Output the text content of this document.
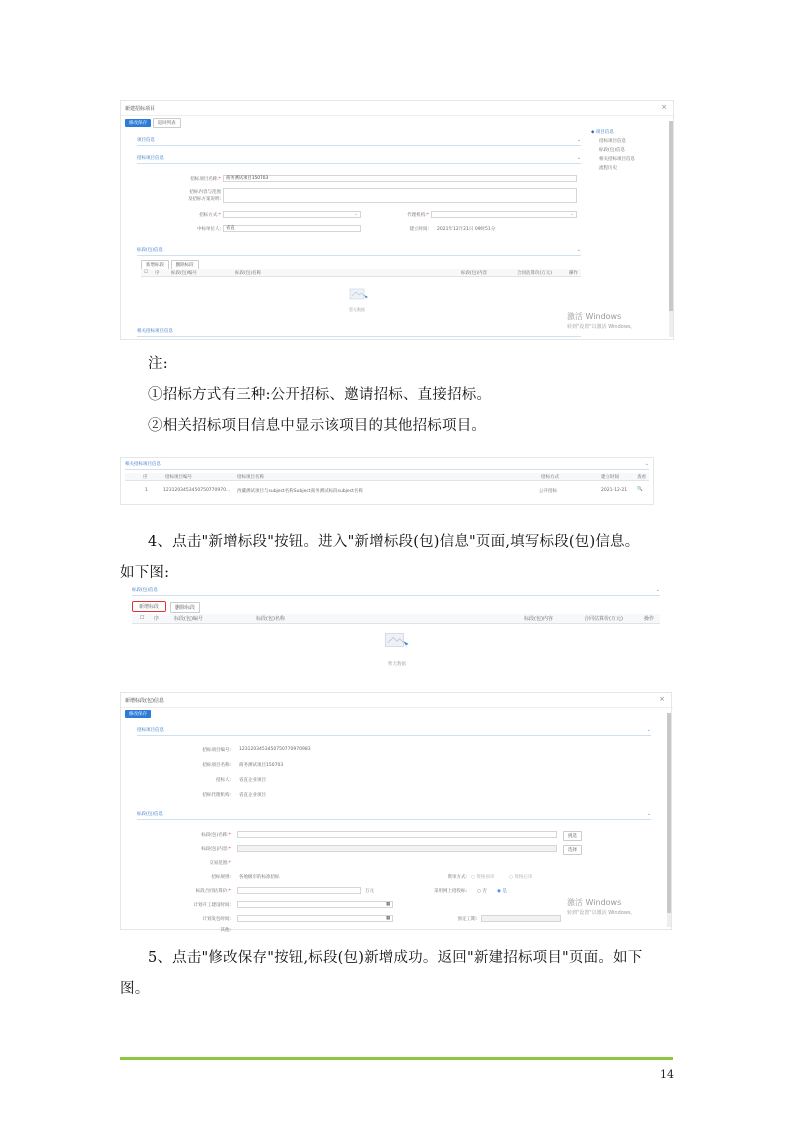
新建招标项目	×
修改保存 返回列表
项目信息	⌄
招标项目信息	⌄
招标项目名称:*	商务测试项目150703
招标内容与范围
及招标方案说明:
招标方式:*	⌄	代理机构:*	⌄
中标单位人:	省直	建立时间: 2021年12月21日 09时51分
标段(包)信息	⌄
新增标段	删除标段
☐ 序	标段(包)编号	标段(包)名称	标段(包)内容	合同估算价(万元)	操作
暂无数据
相关招标项目信息
◆ 项目信息
招标项目信息
标段(包)信息
相关招标项目信息
流程历史
激活 Windows
转到"设置"以激活 Windows。
注:
①招标方式有三种:公开招标、邀请招标、直接招标。
②相关招标项目信息中显示该项目的其他招标项目。
相关招标项目信息	⌄
序	招标项目编号	招标项目名称	招标方式	建立时间	查看
1	1231203453450750770970... 西藏测试项目与subject名称Subject商务测试标段subject名称	公开招标	2021-12-21 🔍
4、点击"新增标段"按钮。进入"新增标段(包)信息"页面,填写标段(包)信息。
如下图:
标段(包)信息	⌄
新增标段	删除标段
☐ 序	标段(包)编号	标段(包)名称	标段(包)内容	合同估算价(万元)	操作
暂无数据
新增标段(包)信息	×
修改保存
招标项目信息	⌄
招标项目编号: 1231203453450750770970983
招标项目名称: 商务测试项目150703
招标人: 省直企业项目
招标代理机构: 省直企业项目
标段(包)信息	⌄
标段(包)名称:*	挑选
标段(包)内容:*	选择
交易范围:*
招标规则: 各地级市的标准招标	资审方式: ○ 资格预审	○ 资格后审
标段合同估算价:*	万元	采用网上招投标: ○ 否 ◉ 是
计划开工建设时间:	▦
计划发包时间:	▦	预定工期:
其他:
激活 Windows
转到"设置"以激活 Windows。
5、点击"修改保存"按钮,标段(包)新增成功。返回"新建招标项目"页面。如下
图。
14
